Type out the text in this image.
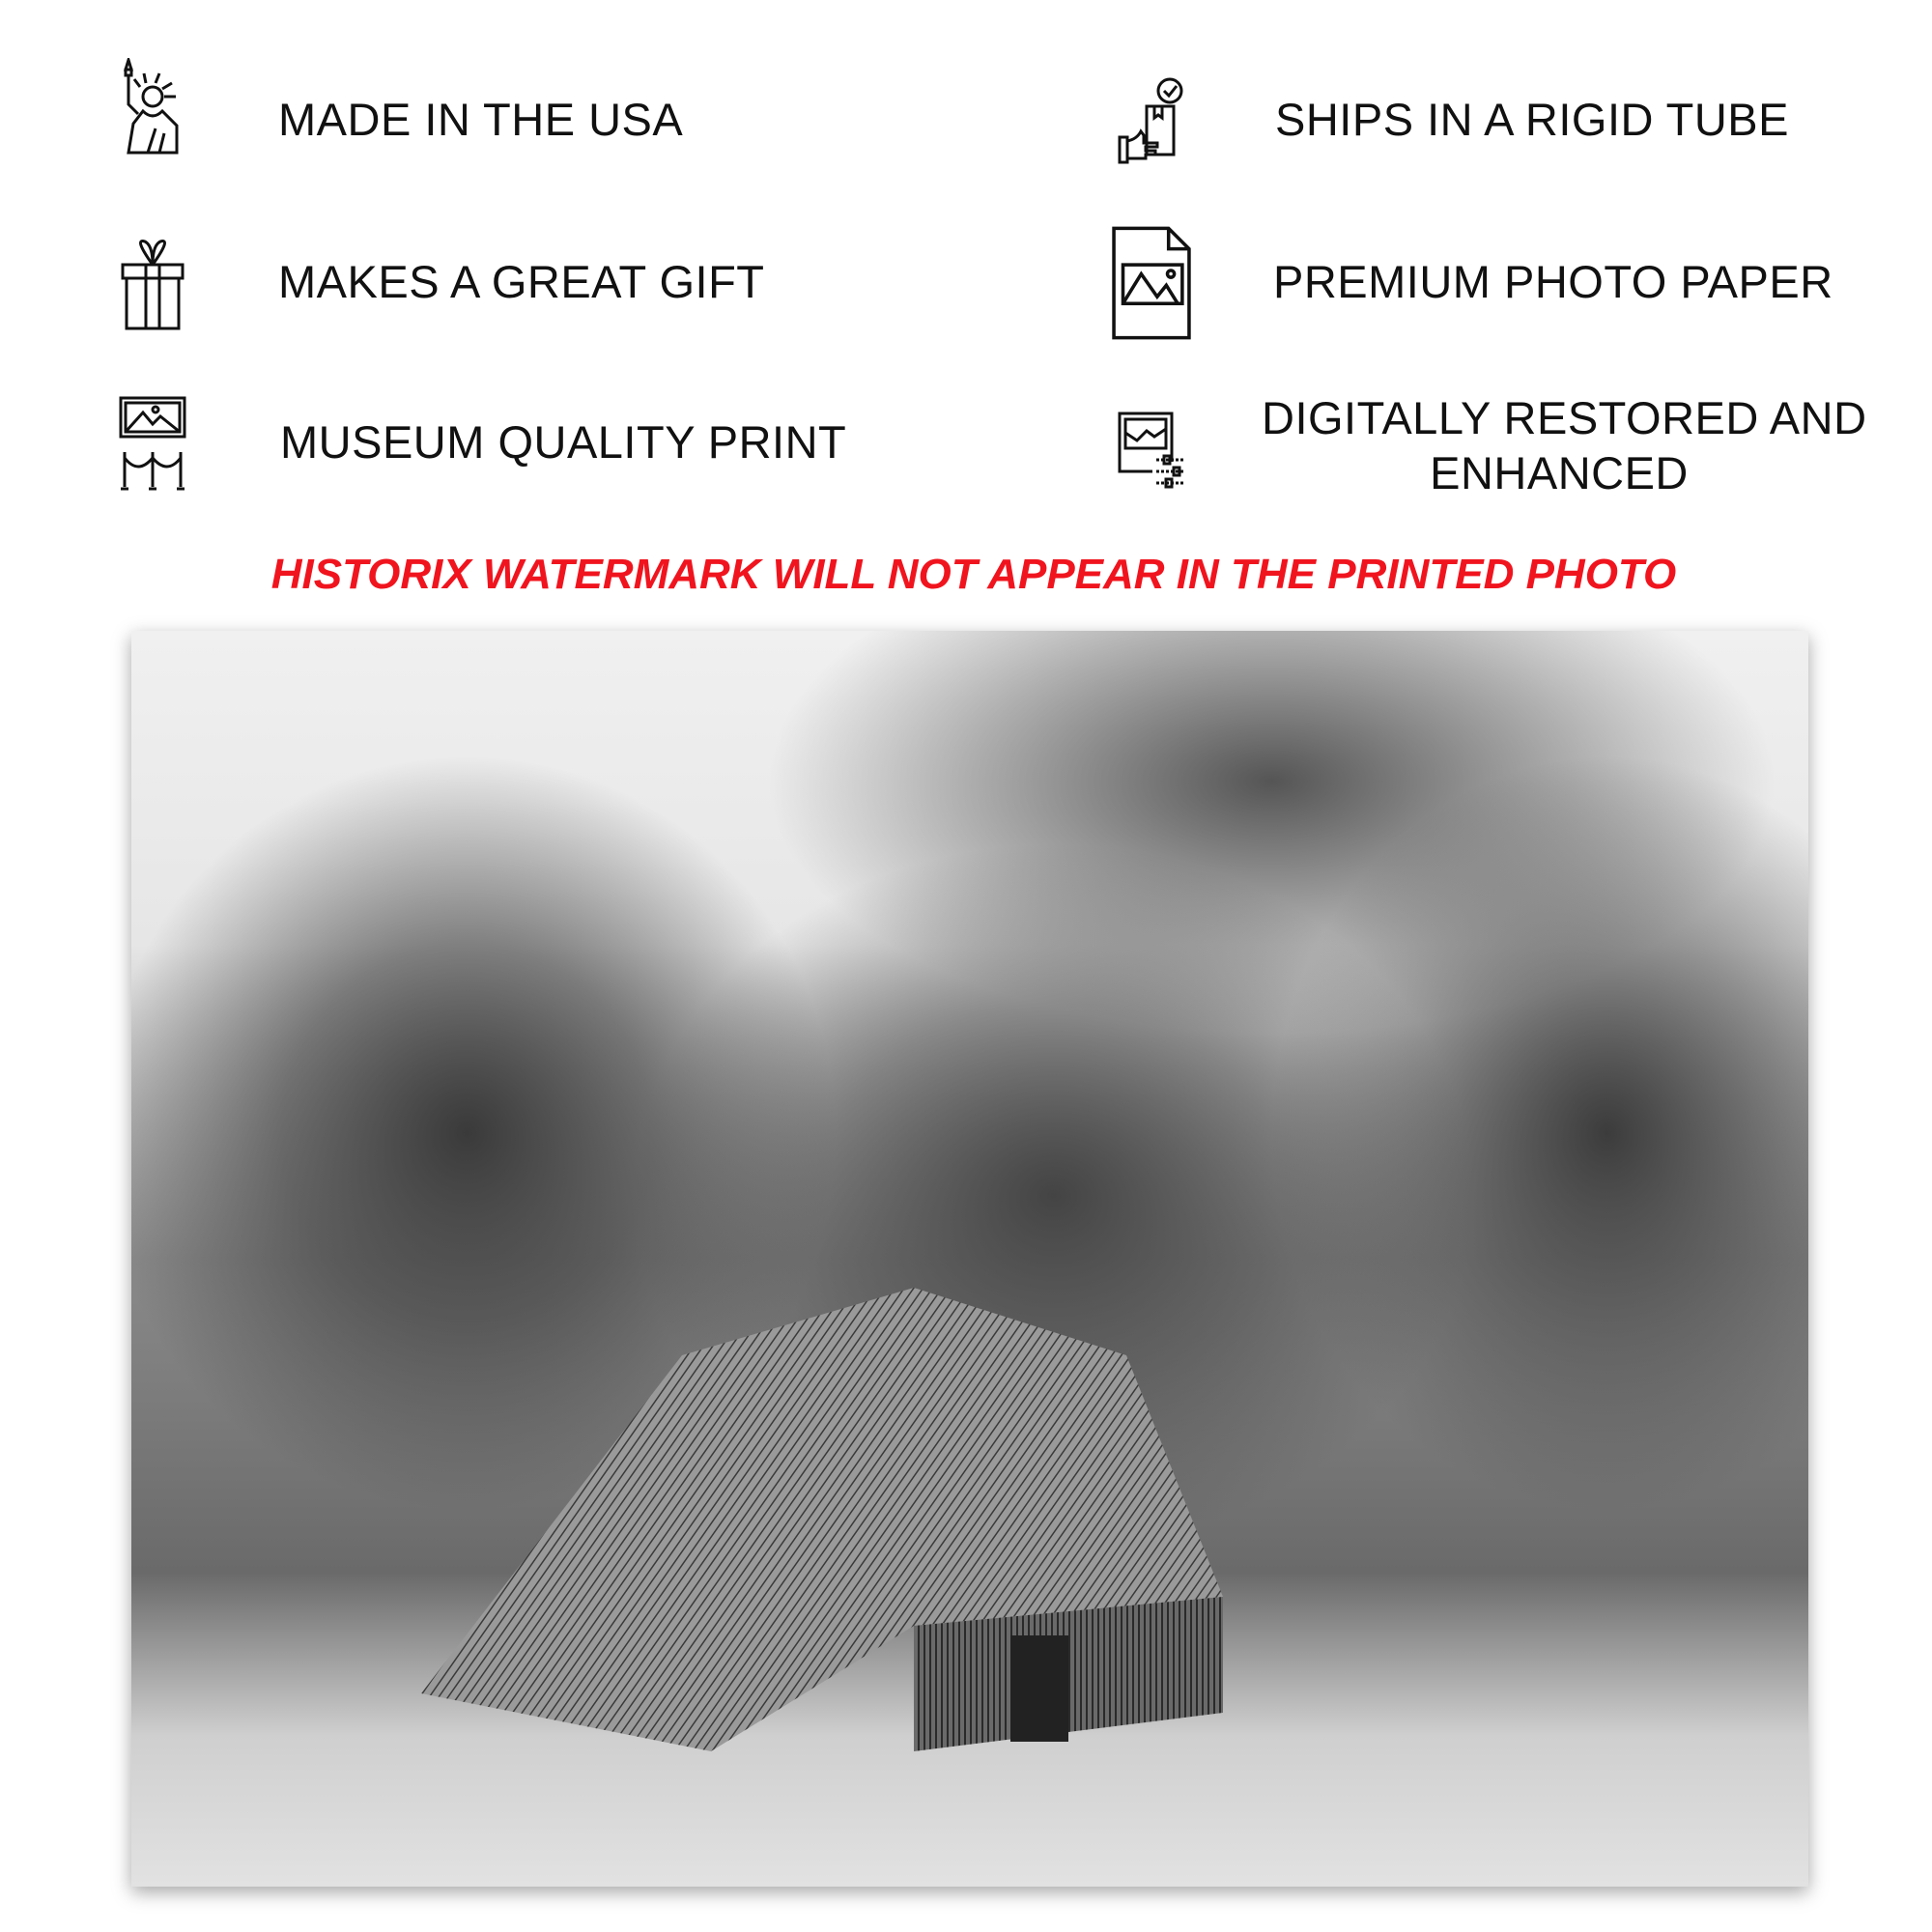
MADE IN THE USA
MAKES A GREAT GIFT
MUSEUM QUALITY PRINT
SHIPS IN A RIGID TUBE
PREMIUM PHOTO PAPER
DIGITALLY RESTORED AND
ENHANCED
HISTORIX WATERMARK WILL NOT APPEAR IN THE PRINTED PHOTO
